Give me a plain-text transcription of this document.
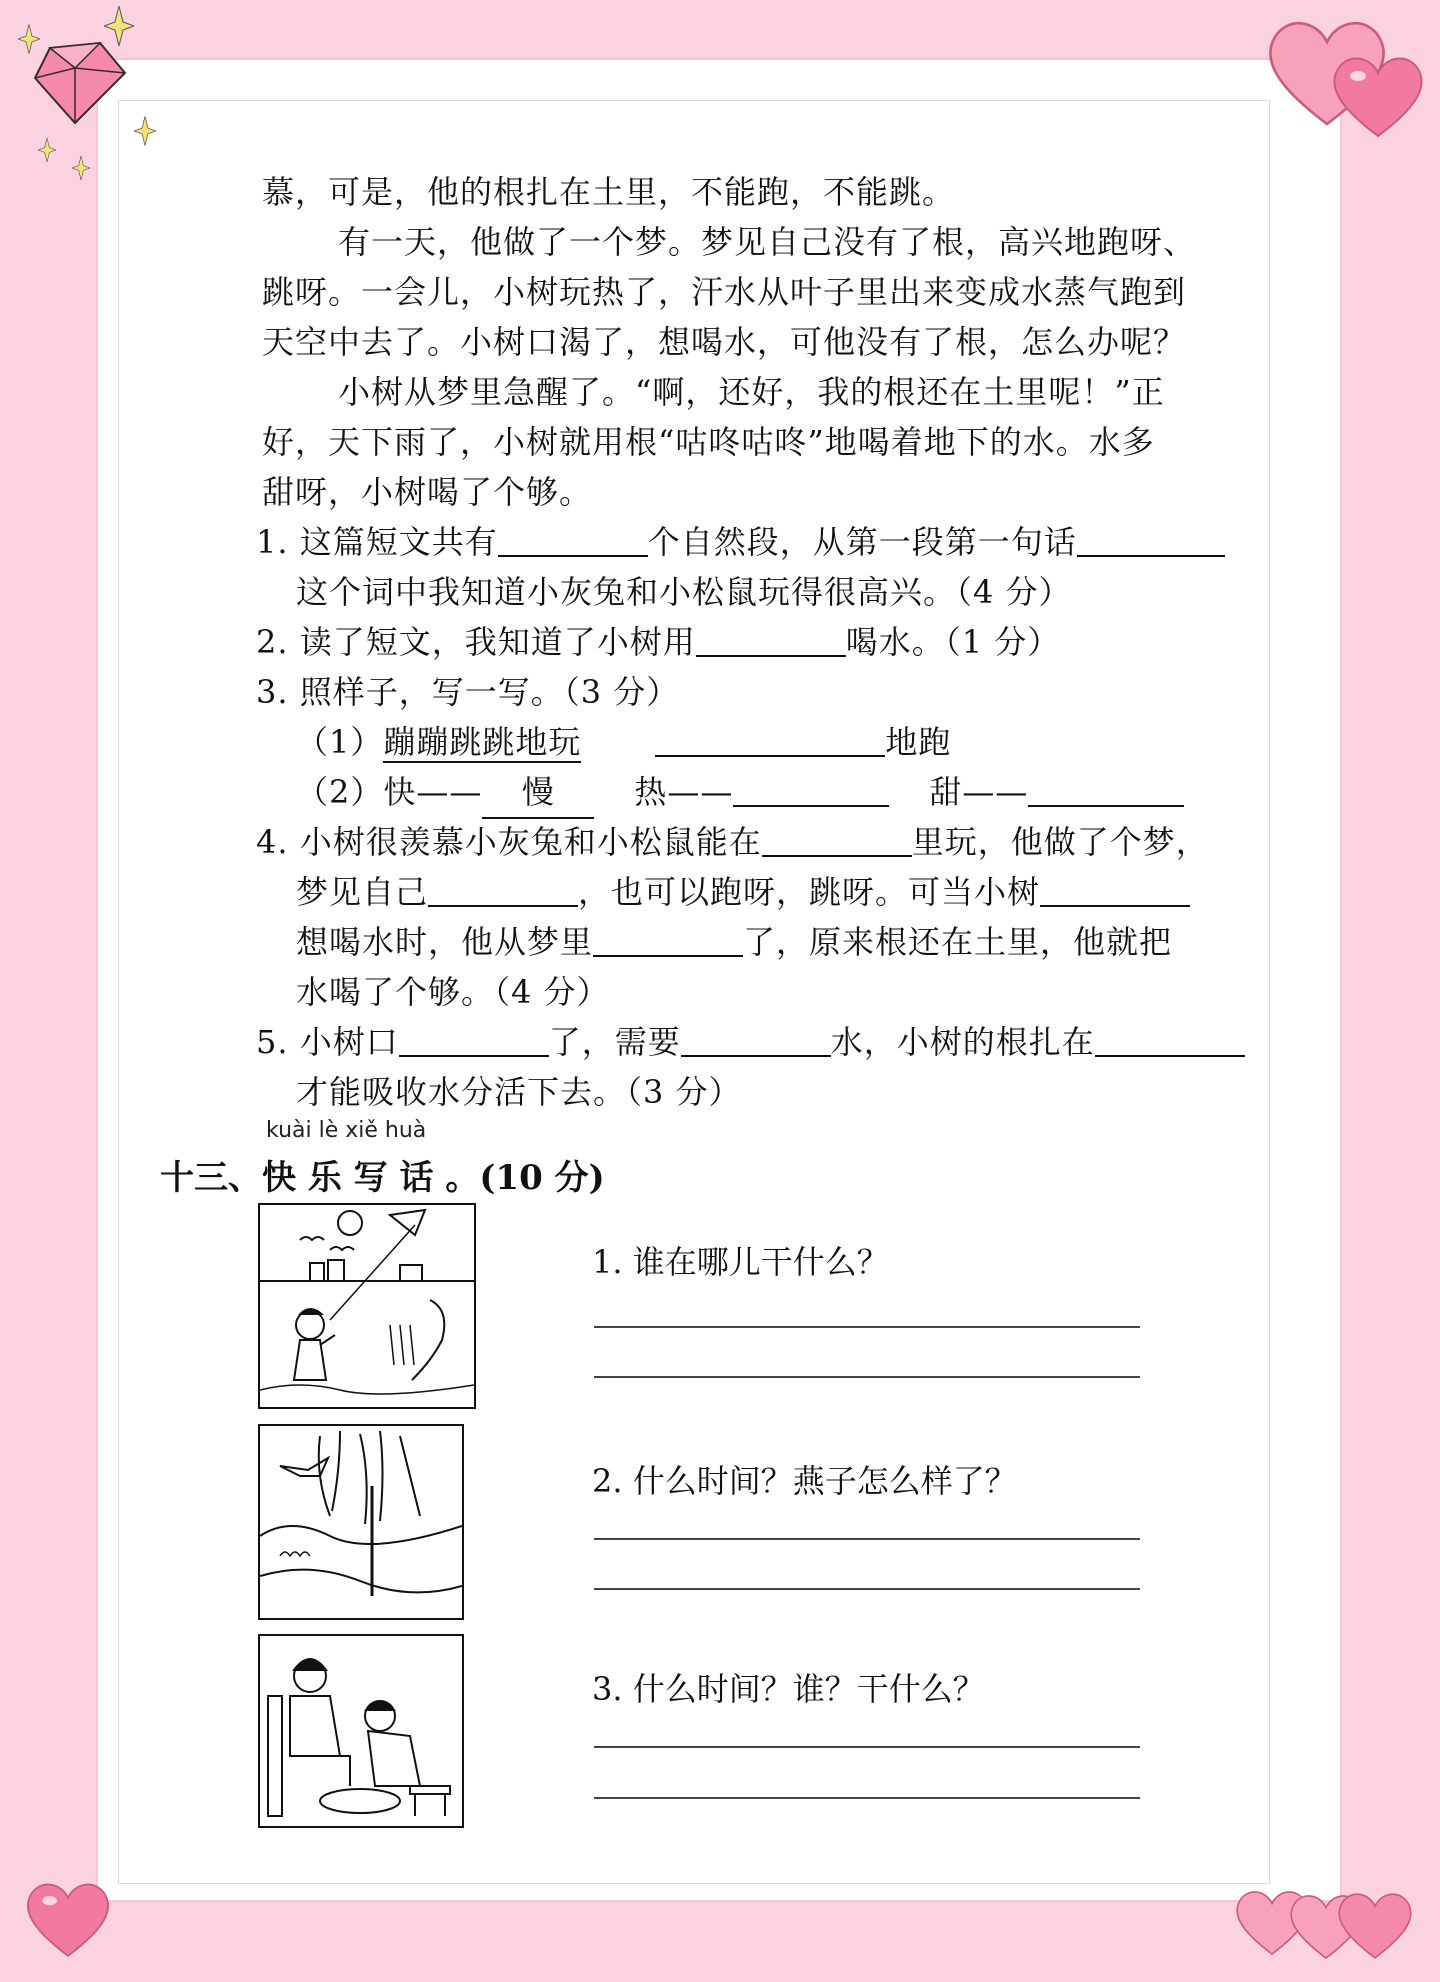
慕，可是，他的根扎在土里，不能跑，不能跳。
有一天，他做了一个梦。梦见自己没有了根，高兴地跑呀、
跳呀。一会儿，小树玩热了，汗水从叶子里出来变成水蒸气跑到
天空中去了。小树口渴了，想喝水，可他没有了根，怎么办呢？
小树从梦里急醒了。“啊，还好，我的根还在土里呢！”正
好，天下雨了，小树就用根“咕咚咕咚”地喝着地下的水。水多
甜呀，小树喝了个够。
1. 这篇短文共有	个自然段，从第一段第一句话
这个词中我知道小灰兔和小松鼠玩得很高兴。（4 分）
2. 读了短文，我知道了小树用	喝水。（1 分）
3. 照样子，写一写。（3 分）
（1）蹦蹦跳跳地玩	地跑
（2）快—— 慢 热——	甜——
4. 小树很羡慕小灰兔和小松鼠能在	里玩，他做了个梦，
梦见自己	，也可以跑呀，跳呀。可当小树
想喝水时，他从梦里	了，原来根还在土里，他就把
水喝了个够。（4 分）
5. 小树口	了，需要	水，小树的根扎在
才能吸收水分活下去。（3 分）
kuài lè xiě huà
十三、快 乐 写 话 。(10 分)
1. 谁在哪儿干什么？
2. 什么时间？燕子怎么样了？
3. 什么时间？谁？干什么？
